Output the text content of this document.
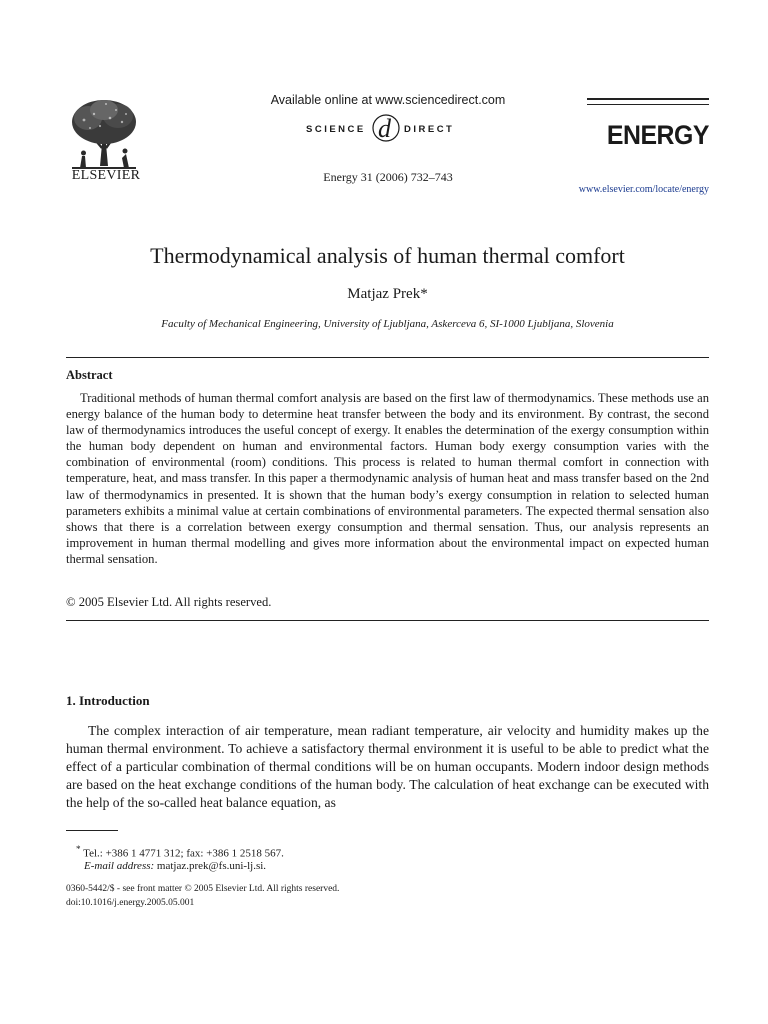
ELSEVIER
Available online at www.sciencedirect.com
SCIENCE d DIRECT
Energy 31 (2006) 732–743
ENERGY
www.elsevier.com/locate/energy
Thermodynamical analysis of human thermal comfort
Matjaz Prek*
Faculty of Mechanical Engineering, University of Ljubljana, Askerceva 6, SI-1000 Ljubljana, Slovenia
Abstract
Traditional methods of human thermal comfort analysis are based on the first law of thermodynamics. These methods use an energy balance of the human body to determine heat transfer between the body and its environment. By contrast, the second law of thermodynamics introduces the useful concept of exergy. It enables the determination of the exergy consumption within the human body dependent on human and environmental factors. Human body exergy consumption varies with the combination of environmental (room) conditions. This process is related to human thermal comfort in connection with temperature, heat, and mass transfer. In this paper a thermodynamic analysis of human heat and mass transfer based on the 2nd law of thermodynamics in presented. It is shown that the human body’s exergy consumption in relation to selected human parameters exhibits a minimal value at certain combinations of environmental parameters. The expected thermal sensation also shows that there is a correlation between exergy consumption and thermal sensation. Thus, our analysis represents an improvement in human thermal modelling and gives more information about the environmental impact on expected human thermal sensation.
© 2005 Elsevier Ltd. All rights reserved.
1. Introduction
The complex interaction of air temperature, mean radiant temperature, air velocity and humidity makes up the human thermal environment. To achieve a satisfactory thermal environment it is useful to be able to predict what the effect of a particular combination of thermal conditions will be on human occupants. Modern indoor design methods are based on the heat exchange conditions of the human body. The calculation of heat exchange can be executed with the help of the so-called heat balance equation, as
* Tel.: +386 1 4771 312; fax: +386 1 2518 567.
E-mail address: matjaz.prek@fs.uni-lj.si.
0360-5442/$ - see front matter © 2005 Elsevier Ltd. All rights reserved.
doi:10.1016/j.energy.2005.05.001
